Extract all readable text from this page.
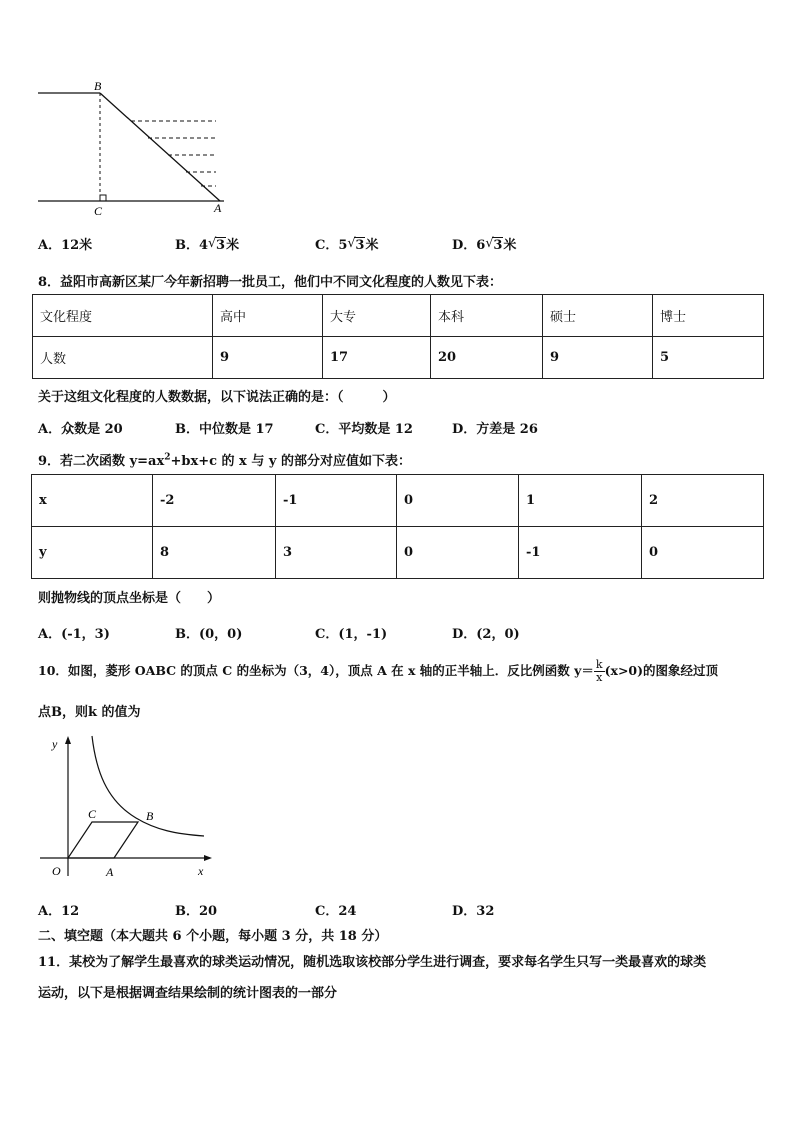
B
C	A
A．12米	B．4 √ 3米	C．5 √ 3米	D．6 √ 3米
8．益阳市高新区某厂今年新招聘一批员工，他们中不同文化程度的人数见下表：
文化程度	高中	大专	本科	硕士	博士
人数	9	17	20	9	5
关于这组文化程度的人数数据，以下说法正确的是：（　　　）
A．众数是 20	B．中位数是 17	C．平均数是 12	D．方差是 26
9．若二次函数 $y=ax^2+bx+c$ 的 x 与 y 的部分对应值如下表：
x	-2	-1	0	1	2
y	8	3	0	-1	0
则抛物线的顶点坐标是（　　）
A．(-1，3)	B．(0，0)	C．(1，-1)	D．(2，0)
10．如图，菱形 OABC 的顶点 C 的坐标为（3，4），顶点 A 在 x 轴的正半轴上．反比例函数 $y= \frac{k}{x} (x>0)$的图象经过顶
点B，则k 的值为
y
x
O	A
C	B
A．12	B．20	C．24	D．32
二、填空题（本大题共 6 个小题，每小题 3 分，共 18 分）
11．某校为了解学生最喜欢的球类运动情况，随机选取该校部分学生进行调查，要求每名学生只写一类最喜欢的球类
运动，以下是根据调查结果绘制的统计图表的一部分
